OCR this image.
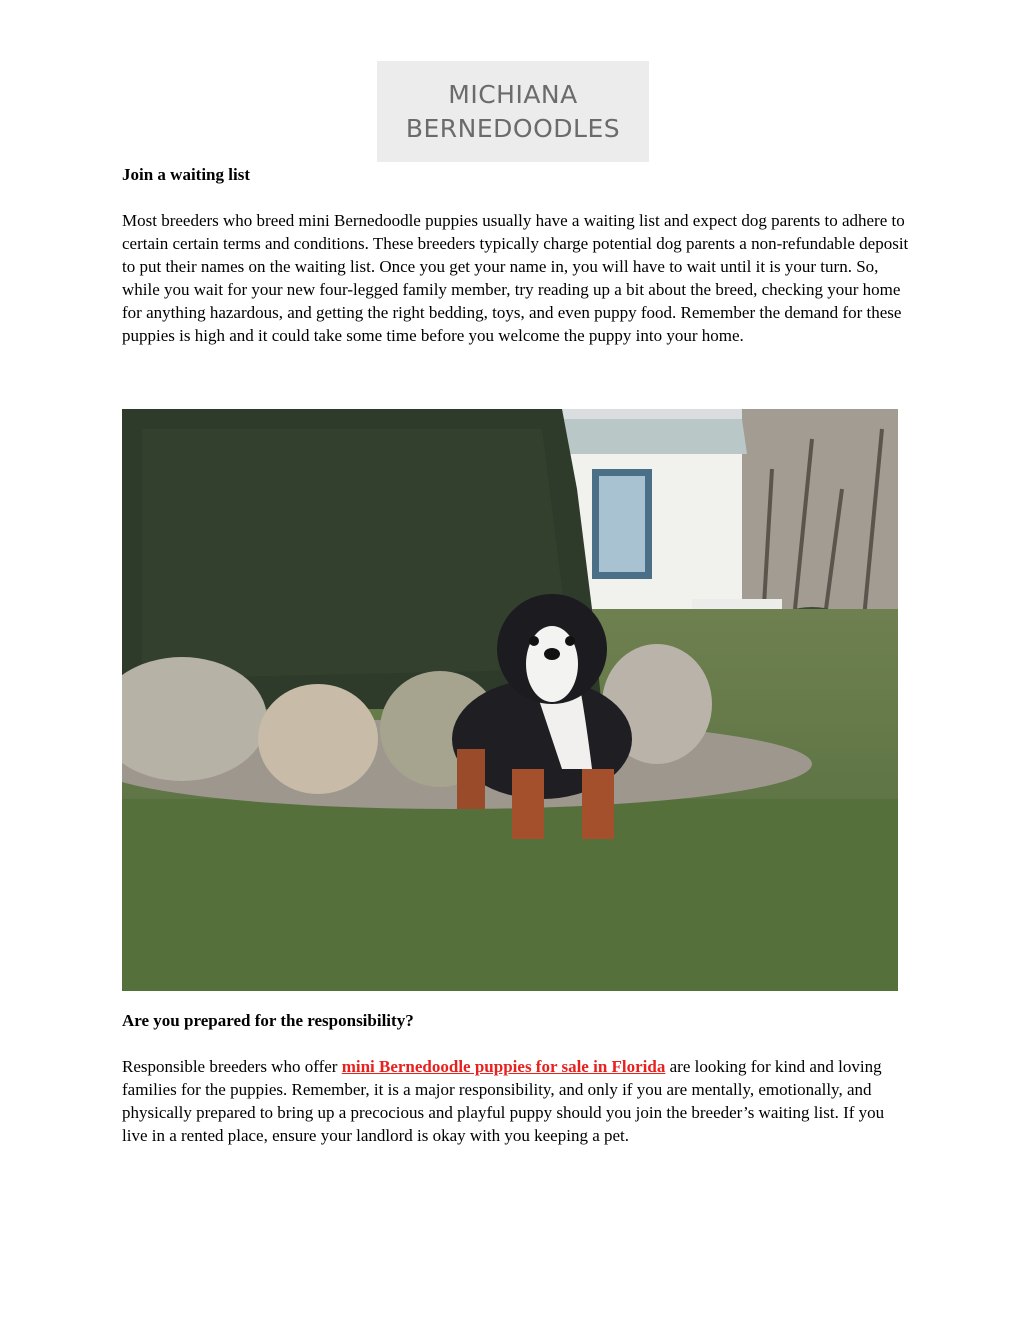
MICHIANA
BERNEDOODLES
Join a waiting list

Most breeders who breed mini Bernedoodle puppies usually have a waiting list and expect dog parents to adhere to certain certain terms and conditions. These breeders typically charge potential dog parents a non-refundable deposit to put their names on the waiting list. Once you get your name in, you will have to wait until it is your turn. So, while you wait for your new four-legged family member, try reading up a bit about the breed, checking your home for anything hazardous, and getting the right bedding, toys, and even puppy food. Remember the demand for these puppies is high and it could take some time before you welcome the puppy into your home.

Are you prepared for the responsibility?

Responsible breeders who offer mini Bernedoodle puppies for sale in Florida are looking for kind and loving families for the puppies. Remember, it is a major responsibility, and only if you are mentally, emotionally, and physically prepared to bring up a precocious and playful puppy should you join the breeder’s waiting list. If you live in a rented place, ensure your landlord is okay with you keeping a pet.
